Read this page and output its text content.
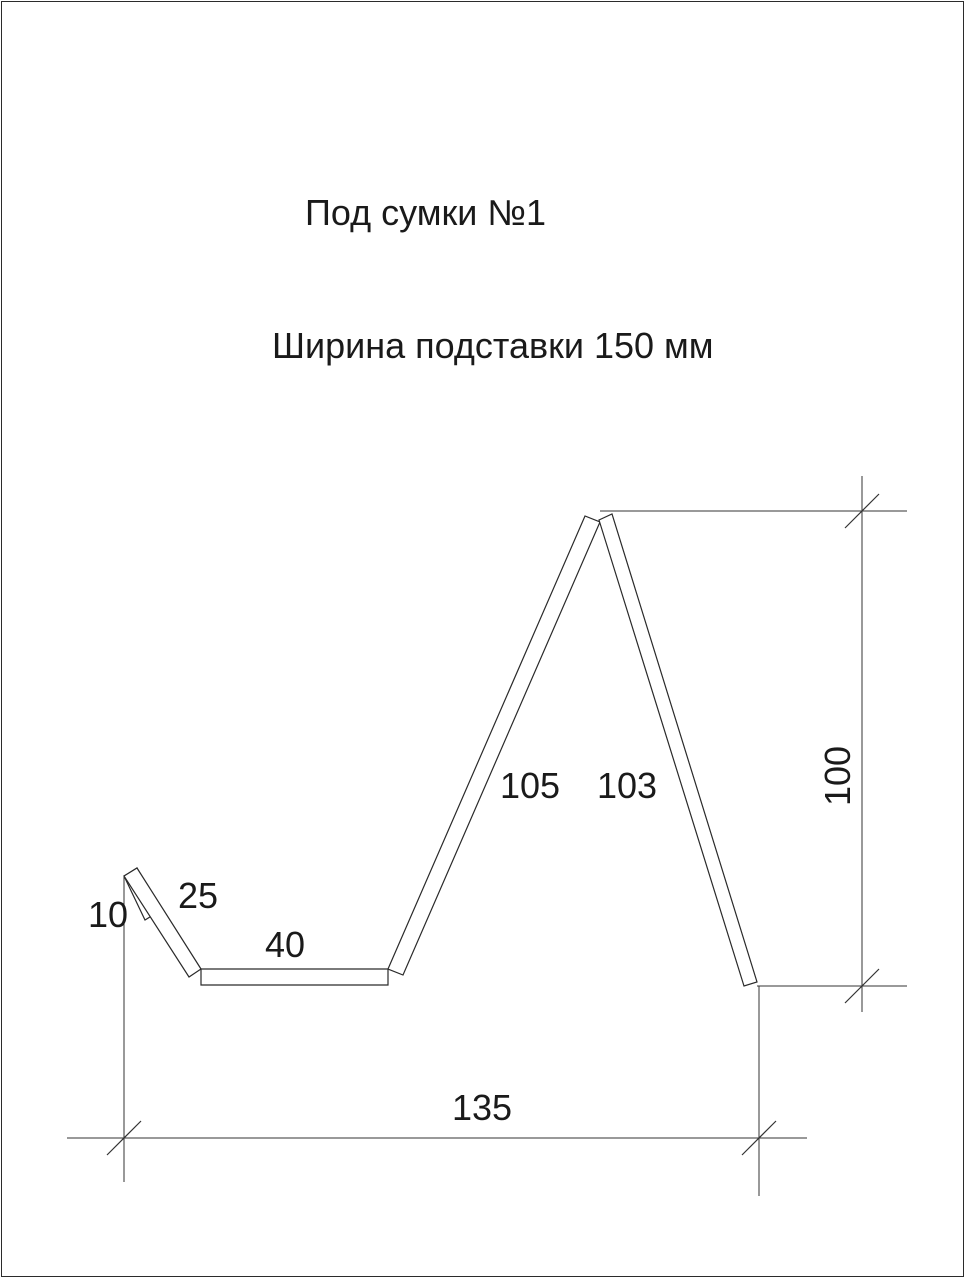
Под сумки №1
Ширина подставки 150 мм
100
135
10 25
40
105 103
